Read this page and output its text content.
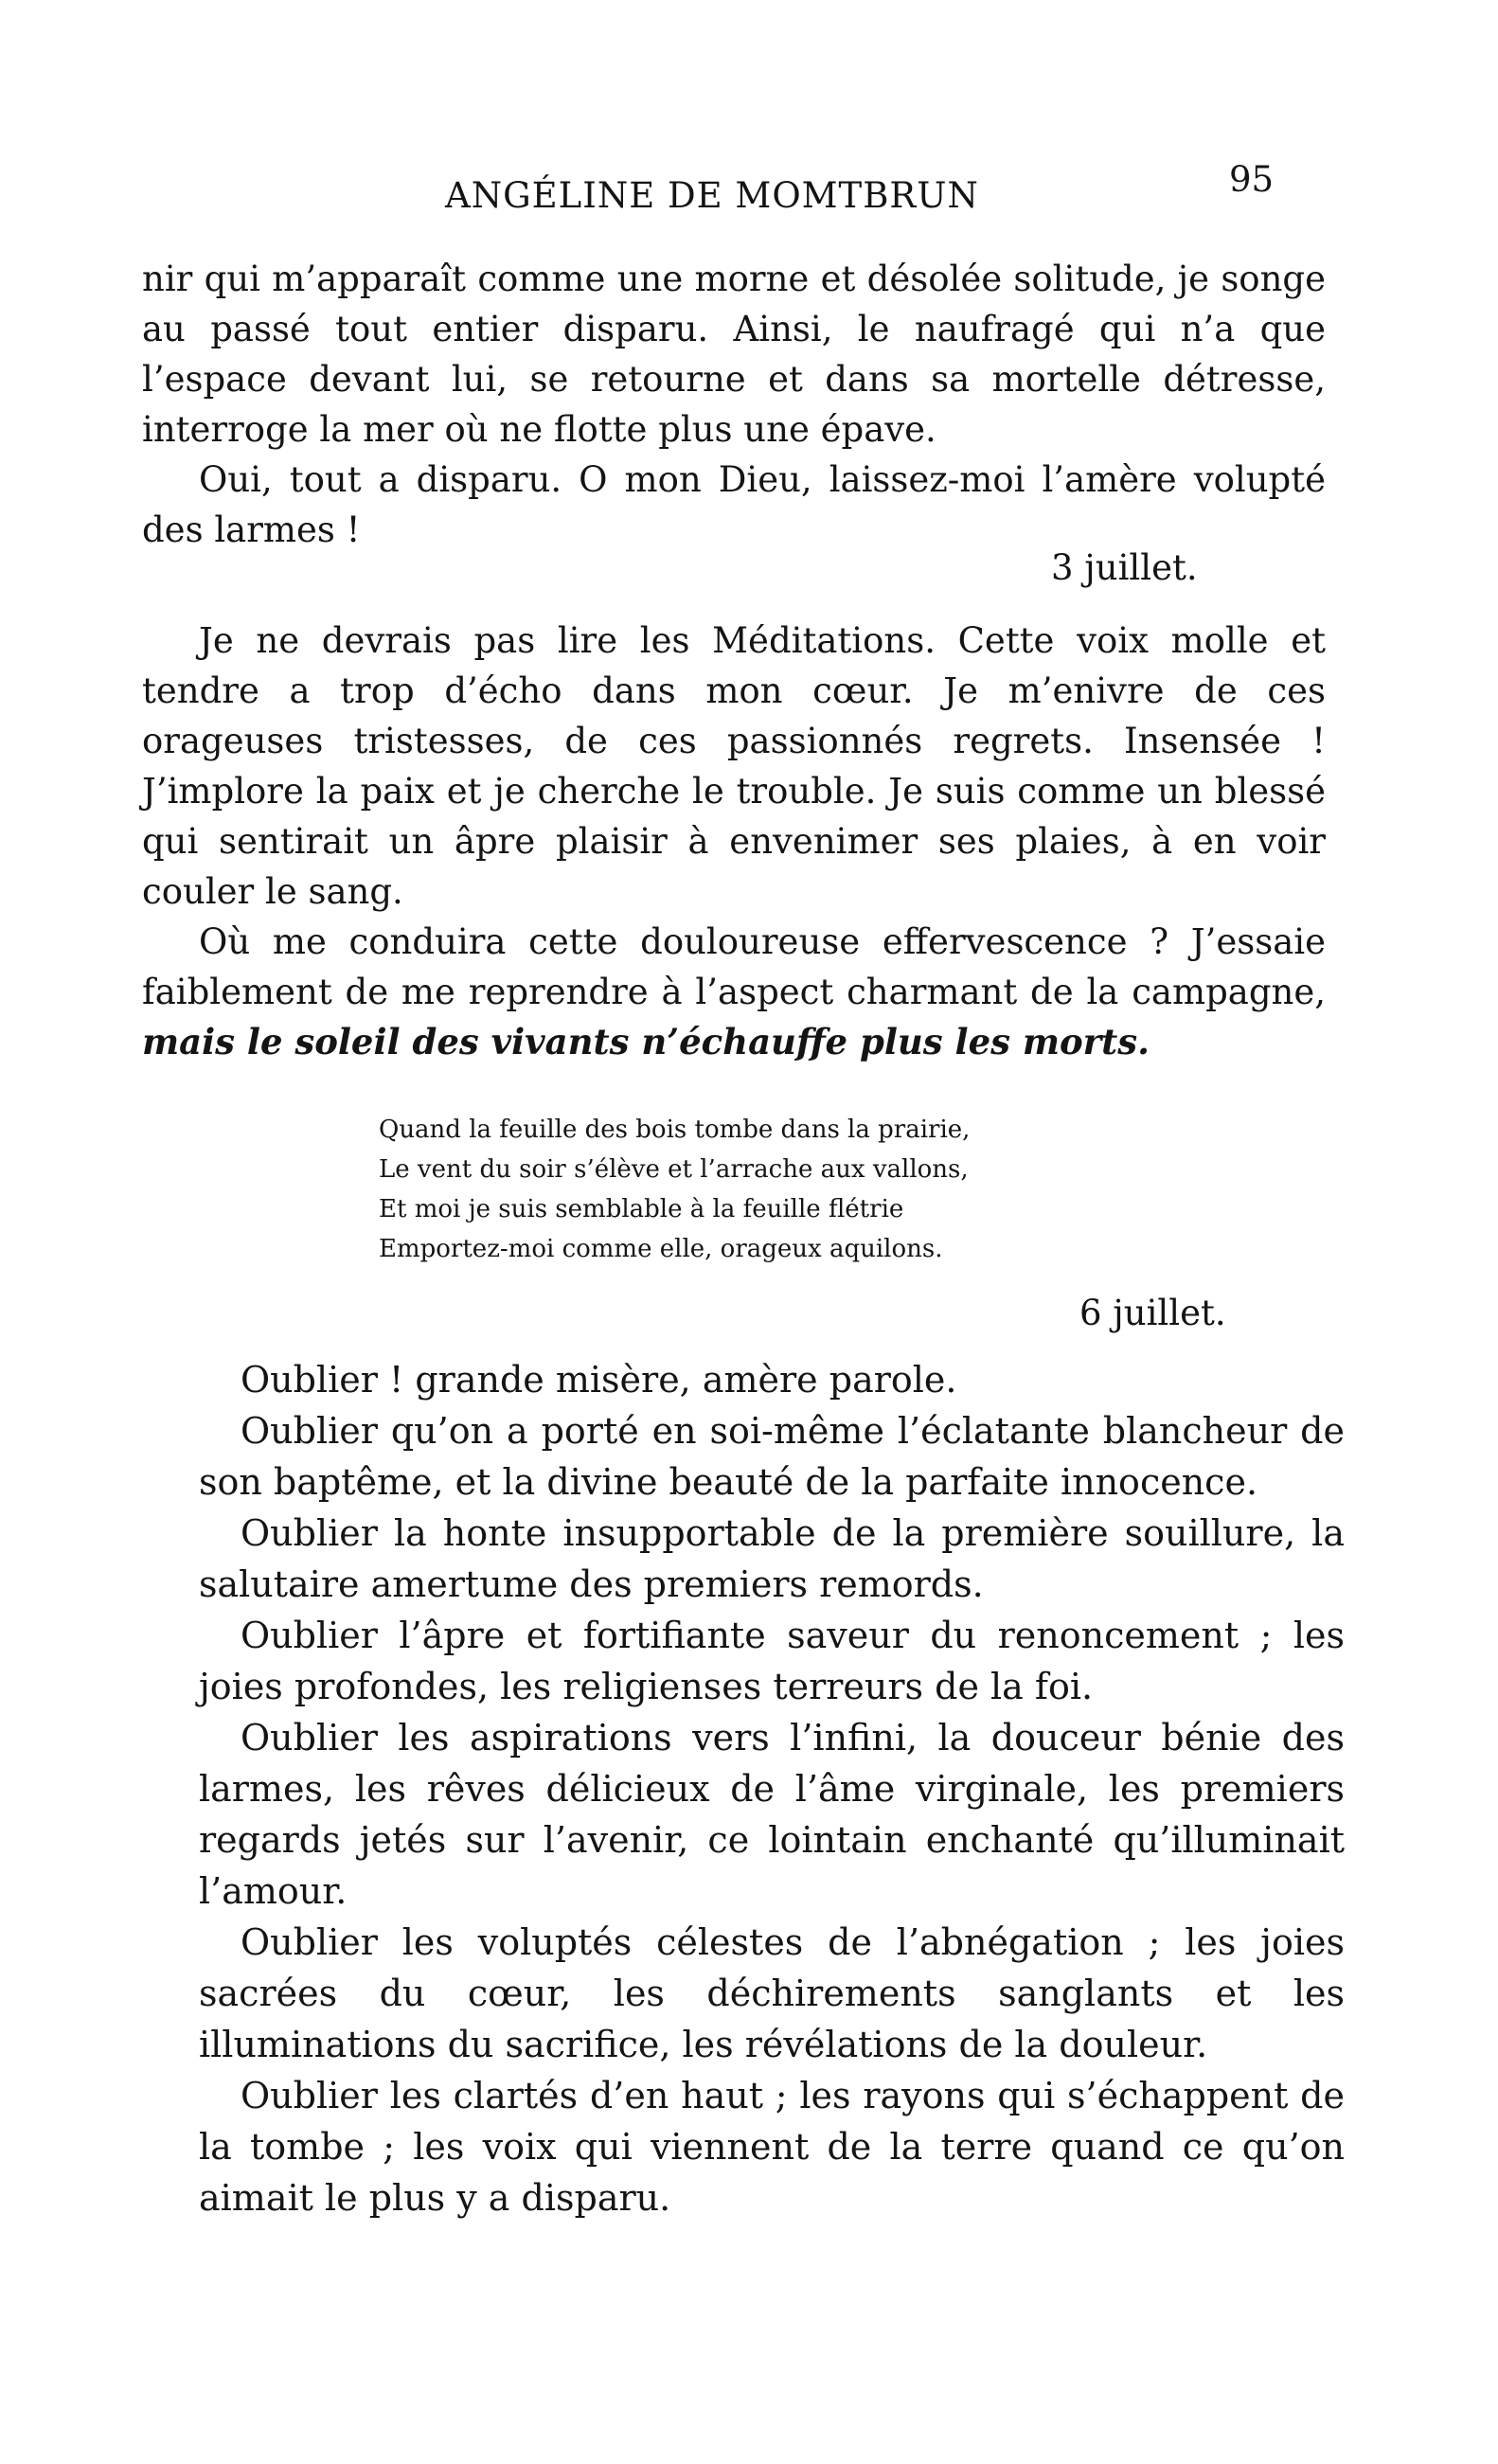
ANGÉLINE DE MOMTBRUN	95

nir qui m’apparaît comme une morne et désolée solitude, je songe au passé tout entier disparu. Ainsi, le naufragé qui n’a que l’espace devant lui, se retourne et dans sa mortelle détresse, interroge la mer où ne flotte plus une épave.

Oui, tout a disparu. O mon Dieu, laissez-moi l’amère volupté des larmes !

3 juillet.

Je ne devrais pas lire les Méditations. Cette voix molle et tendre a trop d’écho dans mon cœur. Je m’enivre de ces orageuses tristesses, de ces passionnés regrets. Insensée ! J’implore la paix et je cherche le trouble. Je suis comme un blessé qui sentirait un âpre plaisir à envenimer ses plaies, à en voir couler le sang.

Où me conduira cette douloureuse effervescence ? J’essaie faiblement de me reprendre à l’aspect charmant de la campagne, mais le soleil des vivants n’échauffe plus les morts.

Quand la feuille des bois tombe dans la prairie,
Le vent du soir s’élève et l’arrache aux vallons,
Et moi je suis semblable à la feuille flétrie
Emportez-moi comme elle, orageux aquilons.
6 juillet.

Oublier ! grande misère, amère parole.

Oublier qu’on a porté en soi-même l’éclatante blancheur de son baptême, et la divine beauté de la parfaite innocence.

Oublier la honte insupportable de la première souillure, la salutaire amertume des premiers remords.

Oublier l’âpre et fortifiante saveur du renoncement ; les joies profondes, les religienses terreurs de la foi.

Oublier les aspirations vers l’infini, la douceur bénie des larmes, les rêves délicieux de l’âme virginale, les premiers regards jetés sur l’avenir, ce lointain enchanté qu’illuminait l’amour.

Oublier les voluptés célestes de l’abnégation ; les joies sacrées du cœur, les déchirements sanglants et les illuminations du sacrifice, les révélations de la douleur.

Oublier les clartés d’en haut ; les rayons qui s’échappent de la tombe ; les voix qui viennent de la terre quand ce qu’on aimait le plus y a disparu.
